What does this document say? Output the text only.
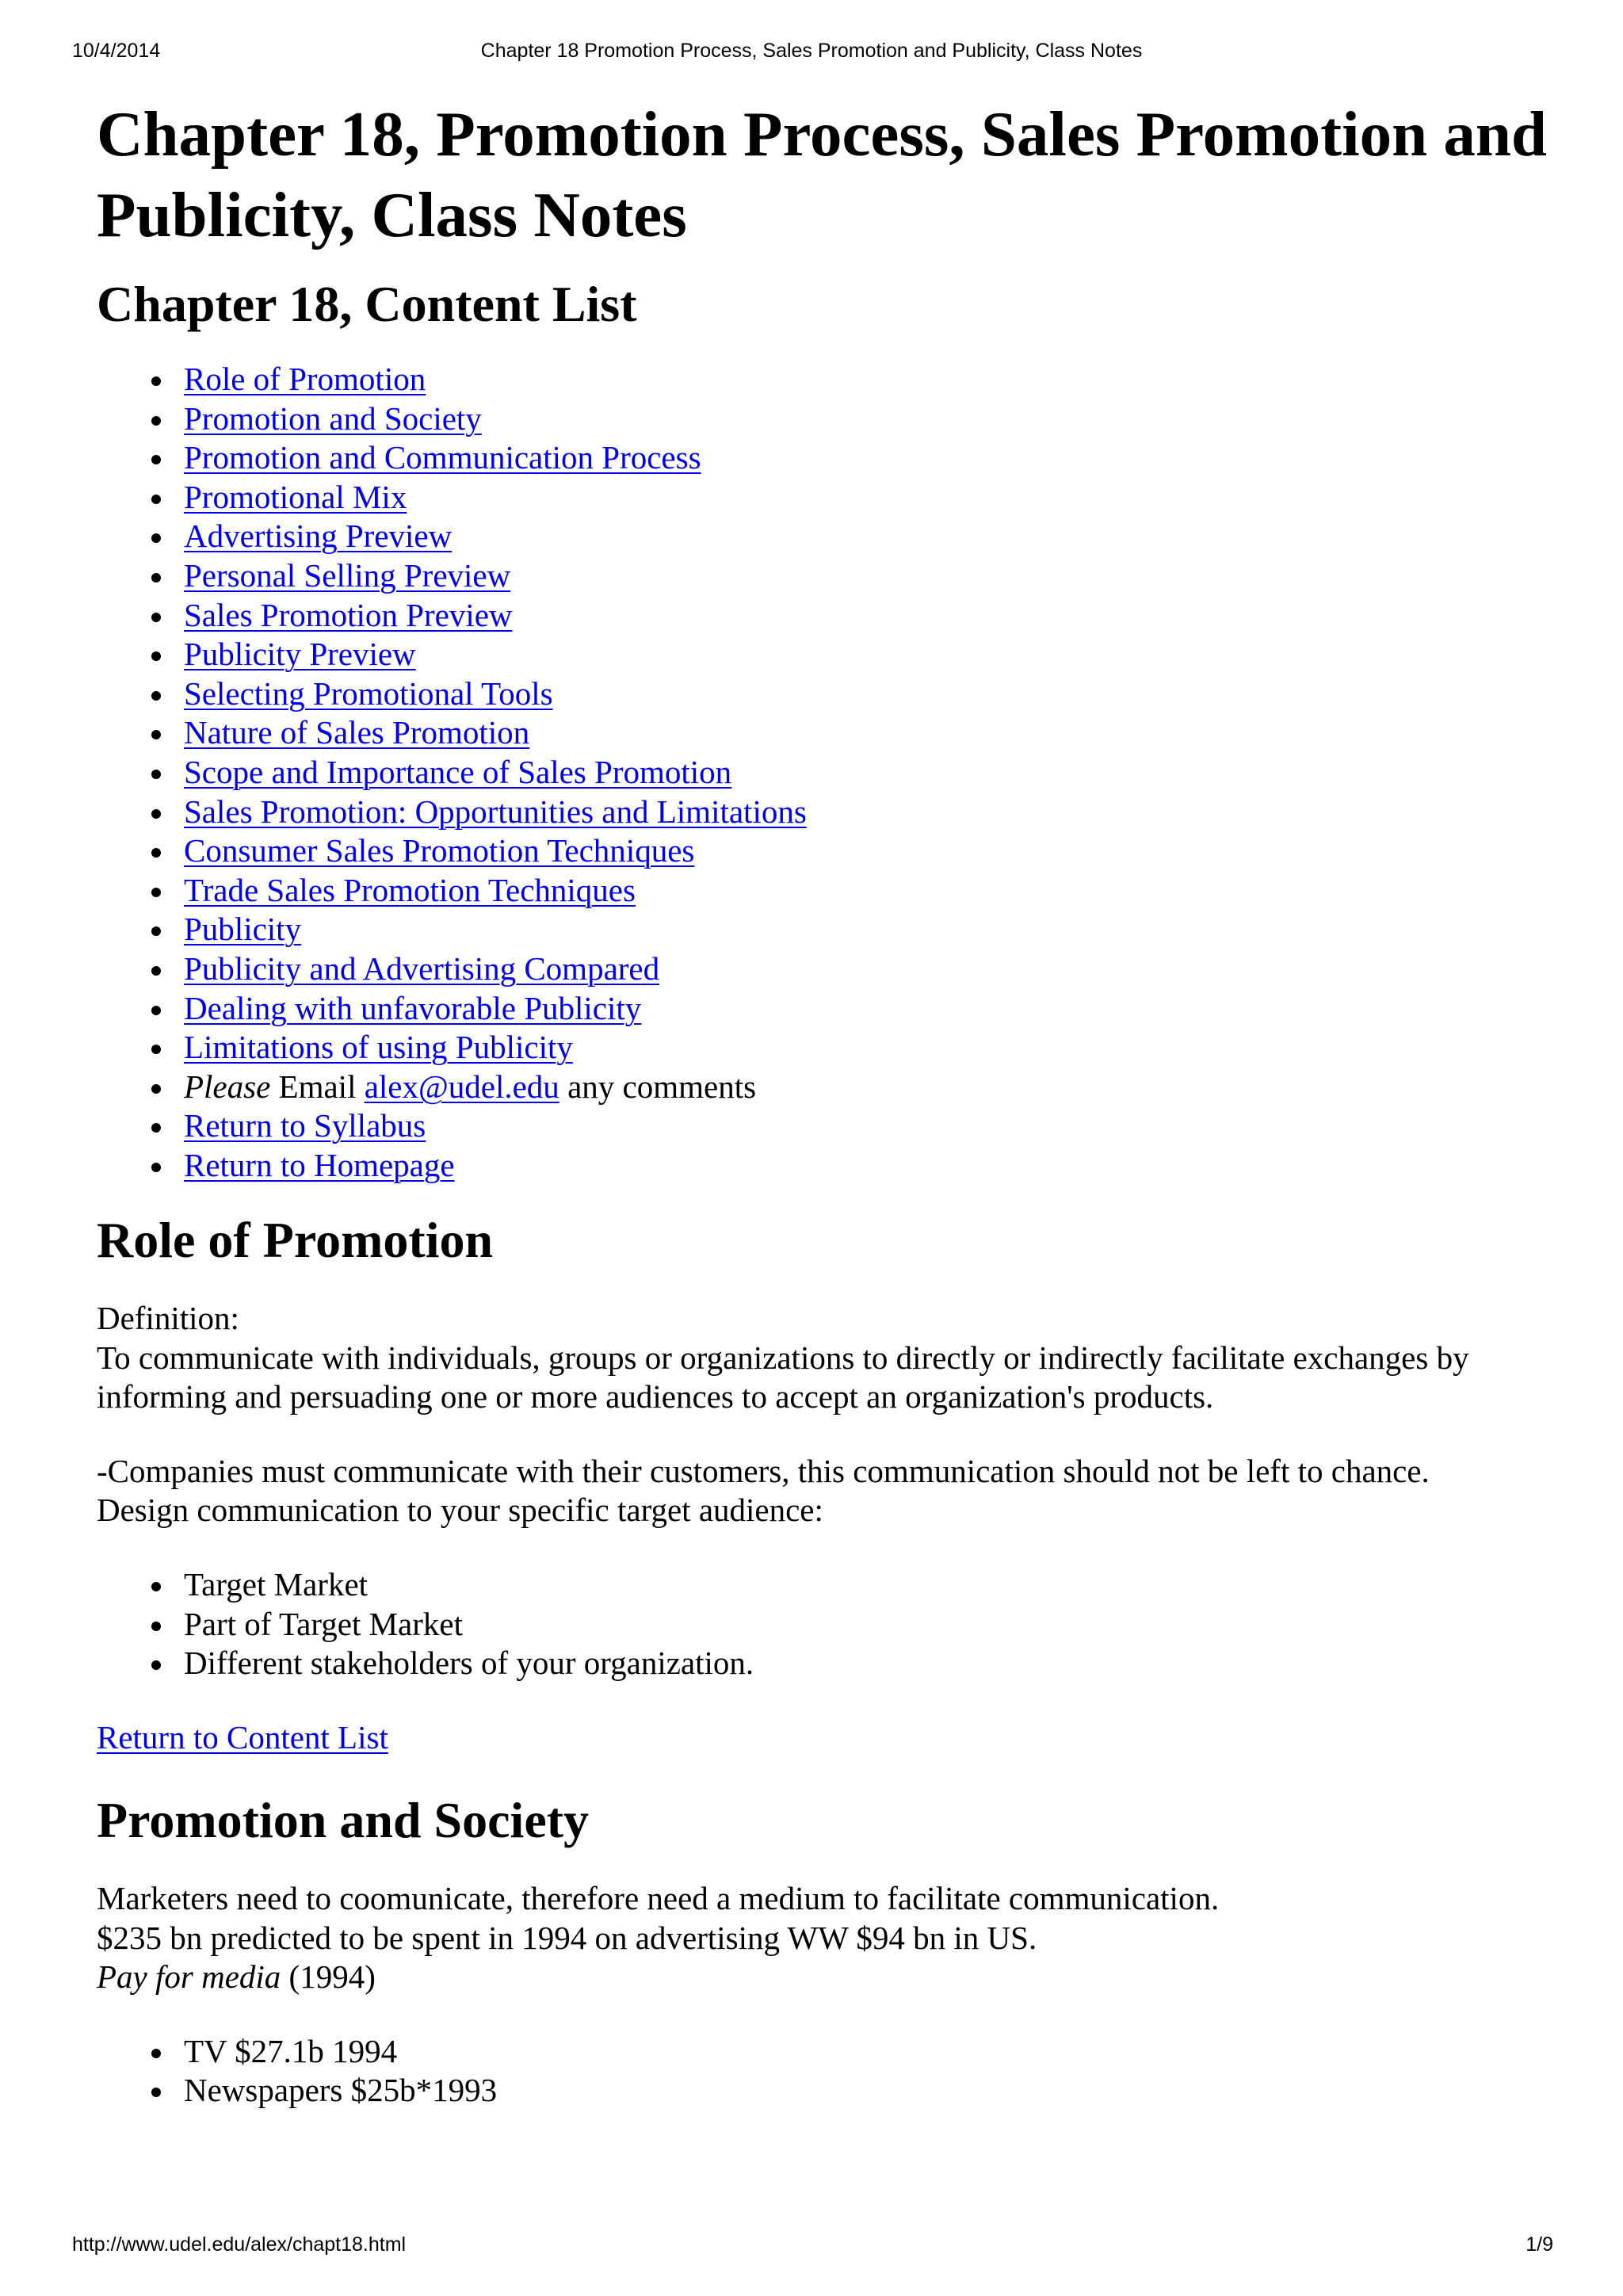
10/4/2014	Chapter 18 Promotion Process, Sales Promotion and Publicity, Class Notes
Chapter 18, Promotion Process, Sales Promotion and Publicity, Class Notes
Chapter 18, Content List
Role of Promotion
Promotion and Society
Promotion and Communication Process
Promotional Mix
Advertising Preview
Personal Selling Preview
Sales Promotion Preview
Publicity Preview
Selecting Promotional Tools
Nature of Sales Promotion
Scope and Importance of Sales Promotion
Sales Promotion: Opportunities and Limitations
Consumer Sales Promotion Techniques
Trade Sales Promotion Techniques
Publicity
Publicity and Advertising Compared
Dealing with unfavorable Publicity
Limitations of using Publicity
Please Email alex@udel.edu any comments
Return to Syllabus
Return to Homepage
Role of Promotion

Definition:
To communicate with individuals, groups or organizations to directly or indirectly facilitate exchanges by informing and persuading one or more audiences to accept an organization's products.

-Companies must communicate with their customers, this communication should not be left to chance.
Design communication to your specific target audience:

Target Market
Part of Target Market
Different stakeholders of your organization.

Return to Content List

Promotion and Society

Marketers need to coomunicate, therefore need a medium to facilitate communication.
$235 bn predicted to be spent in 1994 on advertising WW $94 bn in US.
Pay for media (1994)

TV $27.1b 1994
Newspapers $25b*1993
http://www.udel.edu/alex/chapt18.html	1/9
